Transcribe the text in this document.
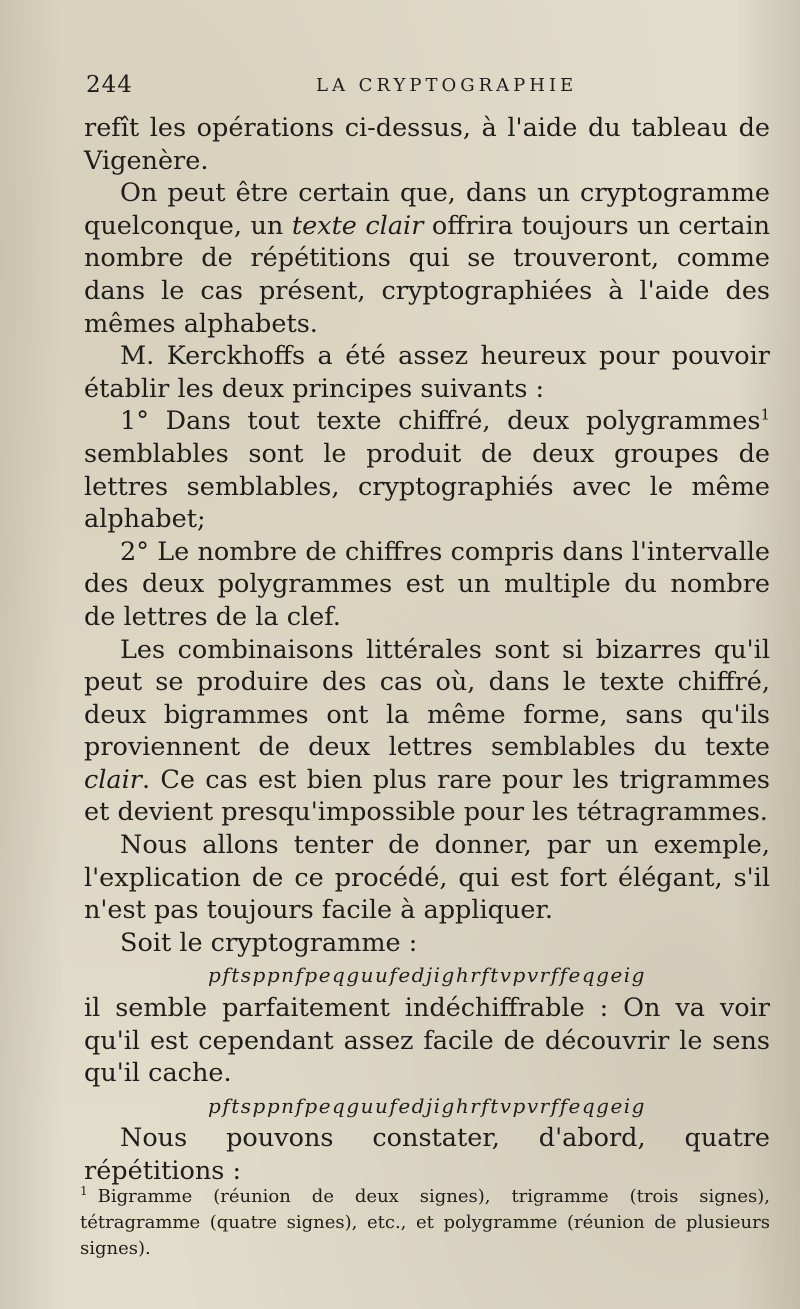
244	LA CRYPTOGRAPHIE

refît les opérations ci-dessus, à l'aide du tableau de Vigenère.

On peut être certain que, dans un cryptogramme quelconque, un texte clair offrira toujours un certain nombre de répétitions qui se trouveront, comme dans le cas présent, cryptographiées à l'aide des mêmes alphabets.

M. Kerckhoffs a été assez heureux pour pouvoir établir les deux principes suivants :

1° Dans tout texte chiffré, deux polygrammes$^1$ semblables sont le produit de deux groupes de lettres semblables, cryptographiés avec le même alphabet;

2° Le nombre de chiffres compris dans l'intervalle des deux polygrammes est un multiple du nombre de lettres de la clef.

Les combinaisons littérales sont si bizarres qu'il peut se produire des cas où, dans le texte chiffré, deux bigrammes ont la même forme, sans qu'ils proviennent de deux lettres semblables du texte clair. Ce cas est bien plus rare pour les trigrammes et devient presqu'impossible pour les tétragrammes.

Nous allons tenter de donner, par un exemple, l'explication de ce procédé, qui est fort élégant, s'il n'est pas toujours facile à appliquer.

Soit le cryptogramme :

pftsppnfpeqguufedjighrftvpvrffeqgeig

il semble parfaitement indéchiffrable : On va voir qu'il est cependant assez facile de découvrir le sens qu'il cache.

pftsppnfpeqguufedjighrftvpvrffeqgeig

Nous pouvons constater, d'abord, quatre répétitions :

$^1$ Bigramme (réunion de deux signes), trigramme (trois signes), tétragramme (quatre signes), etc., et polygramme (réunion de plusieurs signes).
